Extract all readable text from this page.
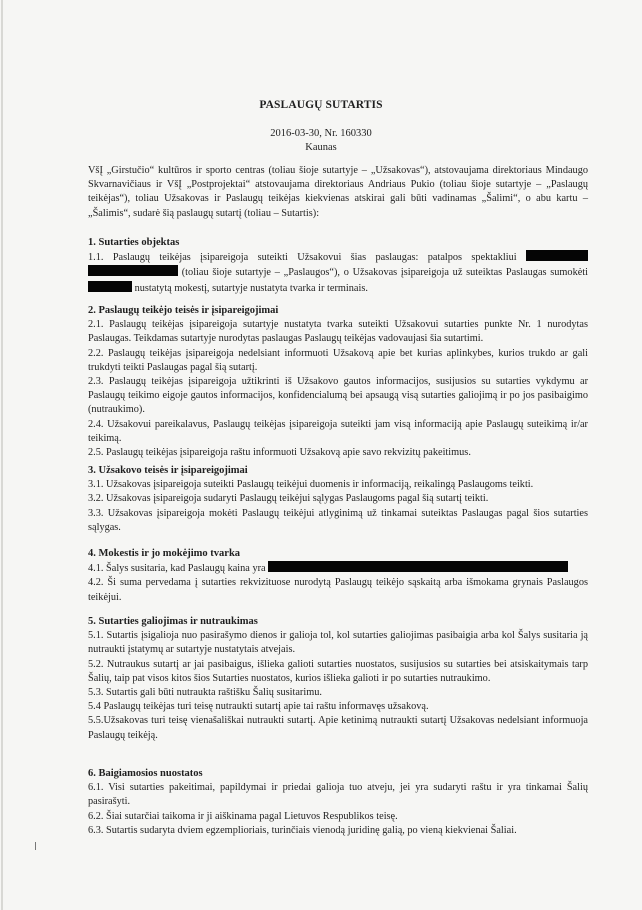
PASLAUGŲ SUTARTIS
2016-03-30, Nr. 160330
Kaunas
VšĮ „Girstučio“ kultūros ir sporto centras (toliau šioje sutartyje – „Užsakovas“), atstovaujama direktoriaus Mindaugo Skvarnavičiaus ir VšĮ „Postprojektai“ atstovaujama direktoriaus Andriaus Pukio (toliau šioje sutartyje – „Paslaugų teikėjas“), toliau Užsakovas ir Paslaugų teikėjas kiekvienas atskirai gali būti vadinamas „Šalimi“, o abu kartu – „Šalimis“, sudarė šią paslaugų sutartį (toliau – Sutartis):
1. Sutarties objektas

1.1. Paslaugų teikėjas įsipareigoja suteikti Užsakovui šias paslaugas: patalpos spektakliui   (toliau šioje sutartyje – „Paslaugos“), o Užsakovas įsipareigoja už suteiktas Paslaugas sumokėti  nustatytą mokestį, sutartyje nustatyta tvarka ir terminais.

2. Paslaugų teikėjo teisės ir įsipareigojimai

2.1. Paslaugų teikėjas įsipareigoja sutartyje nustatyta tvarka suteikti Užsakovui sutarties punkte Nr. 1 nurodytas Paslaugas. Teikdamas sutartyje nurodytas paslaugas Paslaugų teikėjas vadovaujasi šia sutartimi.

2.2. Paslaugų teikėjas įsipareigoja nedelsiant informuoti Užsakovą apie bet kurias aplinkybes, kurios trukdo ar gali trukdyti teikti Paslaugas pagal šią sutartį.

2.3. Paslaugų teikėjas įsipareigoja užtikrinti iš Užsakovo gautos informacijos, susijusios su sutarties vykdymu ar Paslaugų teikimo eigoje gautos informacijos, konfidencialumą bei apsaugą visą sutarties galiojimą ir po jos pasibaigimo (nutraukimo).

2.4. Užsakovui pareikalavus, Paslaugų teikėjas įsipareigoja suteikti jam visą informaciją apie Paslaugų suteikimą ir/ar teikimą.

2.5. Paslaugų teikėjas įsipareigoja raštu informuoti Užsakovą apie savo rekvizitų pakeitimus.

3. Užsakovo teisės ir įsipareigojimai

3.1. Užsakovas įsipareigoja suteikti Paslaugų teikėjui duomenis ir informaciją, reikalingą Paslaugoms teikti.

3.2. Užsakovas įsipareigoja sudaryti Paslaugų teikėjui sąlygas Paslaugoms pagal šią sutartį teikti.

3.3. Užsakovas įsipareigoja mokėti Paslaugų teikėjui atlyginimą už tinkamai suteiktas Paslaugas pagal šios sutarties sąlygas.

4. Mokestis ir jo mokėjimo tvarka

4.1. Šalys susitaria, kad Paslaugų kaina yra

4.2. Ši suma pervedama į sutarties rekvizituose nurodytą Paslaugų teikėjo sąskaitą arba išmokama grynais Paslaugos teikėjui.

5. Sutarties galiojimas ir nutraukimas

5.1. Sutartis įsigalioja nuo pasirašymo dienos ir galioja tol, kol sutarties galiojimas pasibaigia arba kol Šalys susitaria ją nutraukti įstatymų ar sutartyje nustatytais atvejais.

5.2. Nutraukus sutartį ar jai pasibaigus, išlieka galioti sutarties nuostatos, susijusios su sutarties bei atsiskaitymais tarp Šalių, taip pat visos kitos šios Sutarties nuostatos, kurios išlieka galioti ir po sutarties nutraukimo.

5.3. Sutartis gali būti nutraukta raštišku Šalių susitarimu.

5.4 Paslaugų teikėjas turi teisę nutraukti sutartį apie tai raštu informavęs užsakovą.

5.5.Užsakovas turi teisę vienašališkai nutraukti sutartį. Apie ketinimą nutraukti sutartį Užsakovas nedelsiant informuoja Paslaugų teikėją.

6. Baigiamosios nuostatos

6.1. Visi sutarties pakeitimai, papildymai ir priedai galioja tuo atveju, jei yra sudaryti raštu ir yra tinkamai Šalių pasirašyti.

6.2. Šiai sutarčiai taikoma ir ji aiškinama pagal Lietuvos Respublikos teisę.

6.3. Sutartis sudaryta dviem egzemplioriais, turinčiais vienodą juridinę galią, po vieną kiekvienai Šaliai.
